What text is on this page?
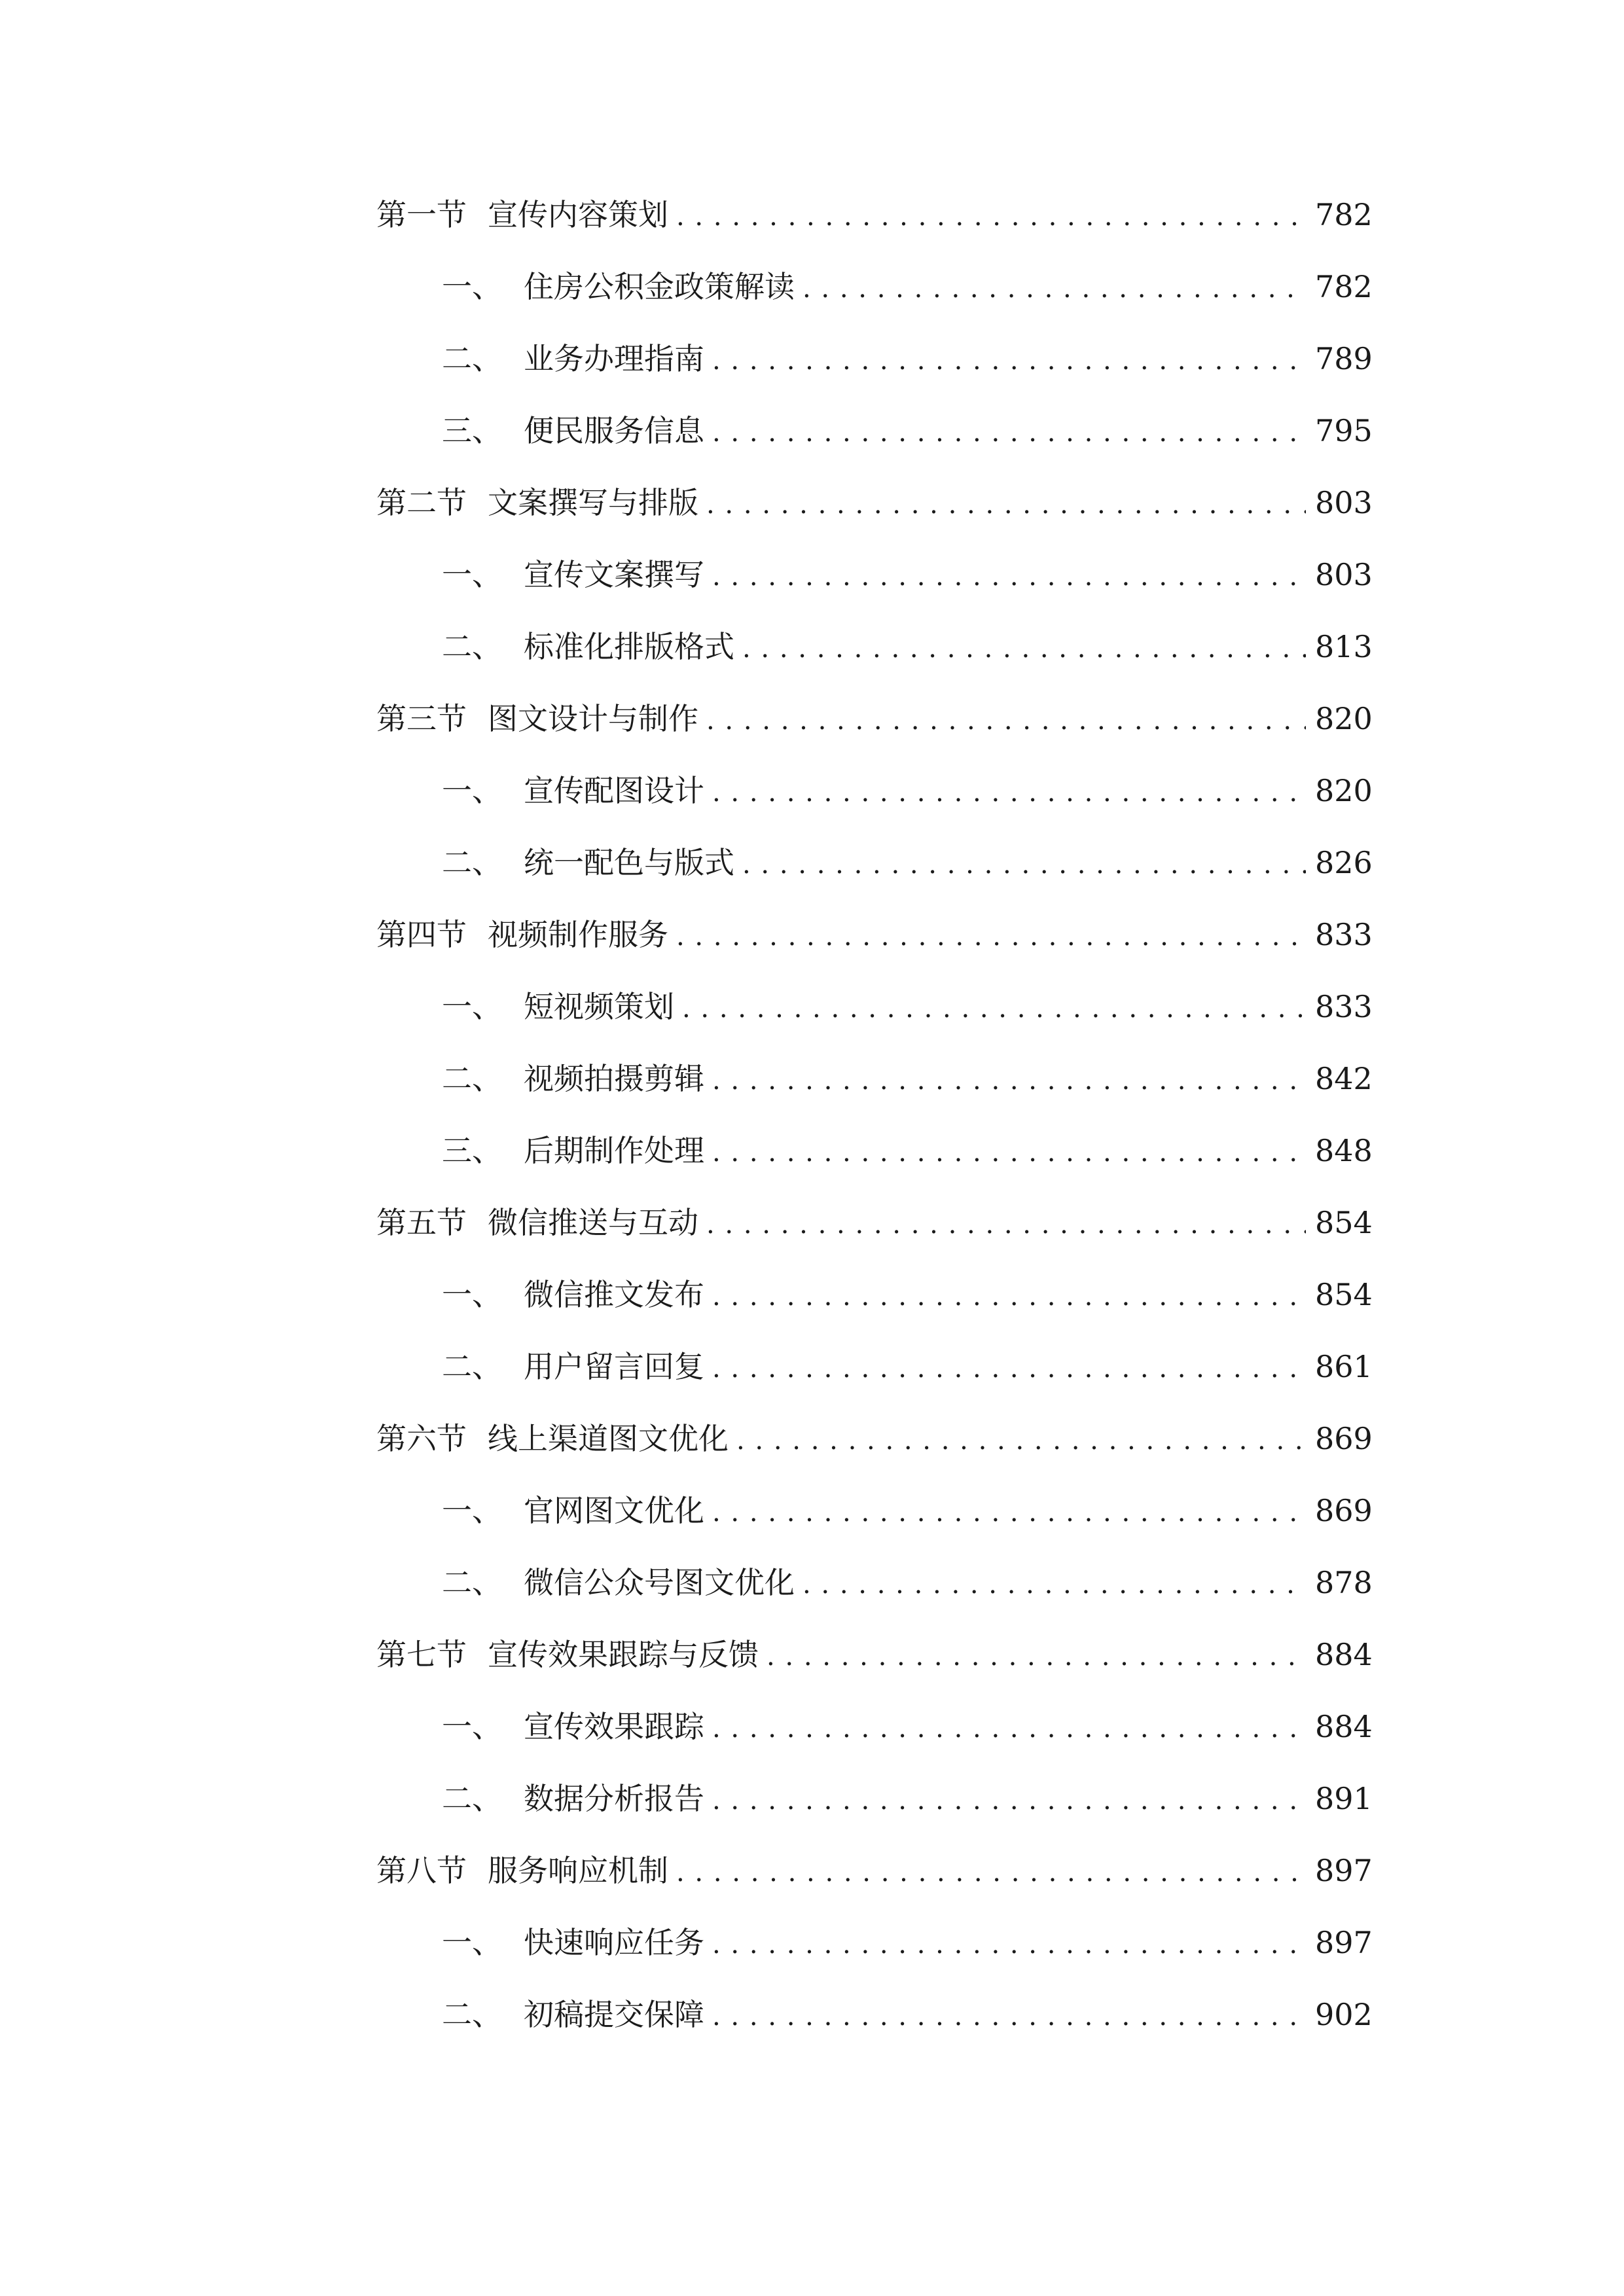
第一节 宣传内容策划 . . .	782
一、 住房公积金政策解读 . . .	782
二、 业务办理指南 . . .	789
三、 便民服务信息 . . .	795
第二节 文案撰写与排版 . . .	803
一、 宣传文案撰写 . . .	803
二、 标准化排版格式 . . .	813
第三节 图文设计与制作 . . .	820
一、 宣传配图设计 . . .	820
二、 统一配色与版式 . . .	826
第四节 视频制作服务 . . .	833
一、 短视频策划 . . .	833
二、 视频拍摄剪辑 . . .	842
三、 后期制作处理 . . .	848
第五节 微信推送与互动 . . .	854
一、 微信推文发布 . . .	854
二、 用户留言回复 . . .	861
第六节 线上渠道图文优化 . . .	869
一、 官网图文优化 . . .	869
二、 微信公众号图文优化 . . .	878
第七节 宣传效果跟踪与反馈 . . .	884
一、 宣传效果跟踪 . . .	884
二、 数据分析报告 . . .	891
第八节 服务响应机制 . . .	897
一、 快速响应任务 . . .	897
二、 初稿提交保障 . . .	902
